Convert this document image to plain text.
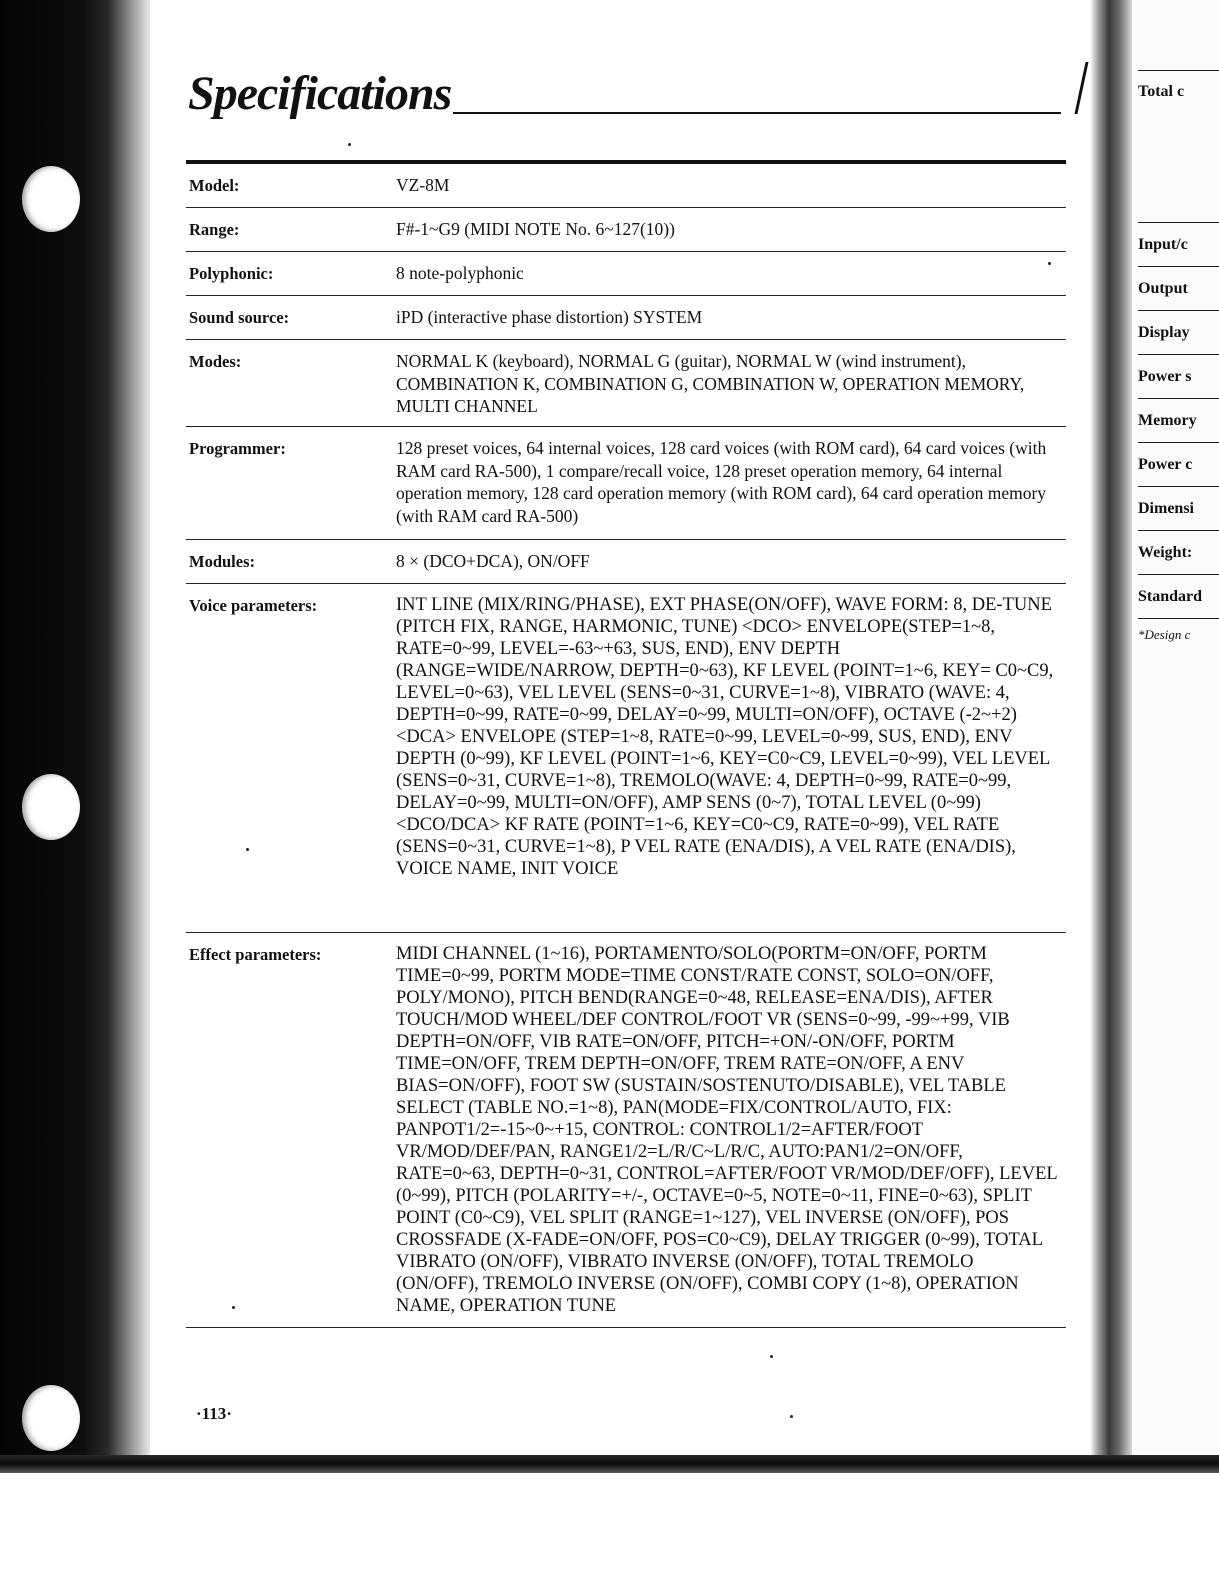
Total c
Input/c
Output
Display
Power s
Memory
Power c
Dimensi
Weight:
Standard
*Design c
Specifications
Model:	VZ-8M
Range:	F#-1~G9 (MIDI NOTE No. 6~127(10))
Polyphonic:	8 note-polyphonic
Sound source:	iPD (interactive phase distortion) SYSTEM
Modes:	NORMAL K (keyboard), NORMAL G (guitar), NORMAL W (wind instrument), COMBINATION K, COMBINATION G, COMBINATION W, OPERATION MEMORY, MULTI CHANNEL
Programmer:	128 preset voices, 64 internal voices, 128 card voices (with ROM card), 64 card voices (with RAM card RA-500), 1 compare/recall voice, 128 preset operation memory, 64 internal operation memory, 128 card operation memory (with ROM card), 64 card operation memory (with RAM card RA-500)
Modules:	8 × (DCO+DCA), ON/OFF
Voice parameters:	INT LINE (MIX/RING/PHASE), EXT PHASE(ON/OFF), WAVE FORM: 8, DE-TUNE (PITCH FIX, RANGE, HARMONIC, TUNE) <DCO> ENVELOPE(STEP=1~8, RATE=0~99, LEVEL=-63~+63, SUS, END), ENV DEPTH (RANGE=WIDE/NARROW, DEPTH=0~63), KF LEVEL (POINT=1~6, KEY= C0~C9, LEVEL=0~63), VEL LEVEL (SENS=0~31, CURVE=1~8), VIBRATO (WAVE: 4, DEPTH=0~99, RATE=0~99, DELAY=0~99, MULTI=ON/OFF), OCTAVE (-2~+2) <DCA> ENVELOPE (STEP=1~8, RATE=0~99, LEVEL=0~99, SUS, END), ENV DEPTH (0~99), KF LEVEL (POINT=1~6, KEY=C0~C9, LEVEL=0~99), VEL LEVEL (SENS=0~31, CURVE=1~8), TREMOLO(WAVE: 4, DEPTH=0~99, RATE=0~99, DELAY=0~99, MULTI=ON/OFF), AMP SENS (0~7), TOTAL LEVEL (0~99) <DCO/DCA> KF RATE (POINT=1~6, KEY=C0~C9, RATE=0~99), VEL RATE (SENS=0~31, CURVE=1~8), P VEL RATE (ENA/DIS), A VEL RATE (ENA/DIS), VOICE NAME, INIT VOICE
Effect parameters:	MIDI CHANNEL (1~16), PORTAMENTO/SOLO(PORTM=ON/OFF, PORTM TIME=0~99, PORTM MODE=TIME CONST/RATE CONST, SOLO=ON/OFF, POLY/MONO), PITCH BEND(RANGE=0~48, RELEASE=ENA/DIS), AFTER TOUCH/MOD WHEEL/DEF CONTROL/FOOT VR (SENS=0~99, -99~+99, VIB DEPTH=ON/OFF, VIB RATE=ON/OFF, PITCH=+ON/-ON/OFF, PORTM TIME=ON/OFF, TREM DEPTH=ON/OFF, TREM RATE=ON/OFF, A ENV BIAS=ON/OFF), FOOT SW (SUSTAIN/SOSTENUTO/DISABLE), VEL TABLE SELECT (TABLE NO.=1~8), PAN(MODE=FIX/CONTROL/AUTO, FIX: PANPOT1/2=-15~0~+15, CONTROL: CONTROL1/2=AFTER/FOOT VR/MOD/DEF/PAN, RANGE1/2=L/R/C~L/R/C, AUTO:PAN1/2=ON/OFF, RATE=0~63, DEPTH=0~31, CONTROL=AFTER/FOOT VR/MOD/DEF/OFF), LEVEL (0~99), PITCH (POLARITY=+/-, OCTAVE=0~5, NOTE=0~11, FINE=0~63), SPLIT POINT (C0~C9), VEL SPLIT (RANGE=1~127), VEL INVERSE (ON/OFF), POS CROSSFADE (X-FADE=ON/OFF, POS=C0~C9), DELAY TRIGGER (0~99), TOTAL VIBRATO (ON/OFF), VIBRATO INVERSE (ON/OFF), TOTAL TREMOLO (ON/OFF), TREMOLO INVERSE (ON/OFF), COMBI COPY (1~8), OPERATION NAME, OPERATION TUNE
·113·
